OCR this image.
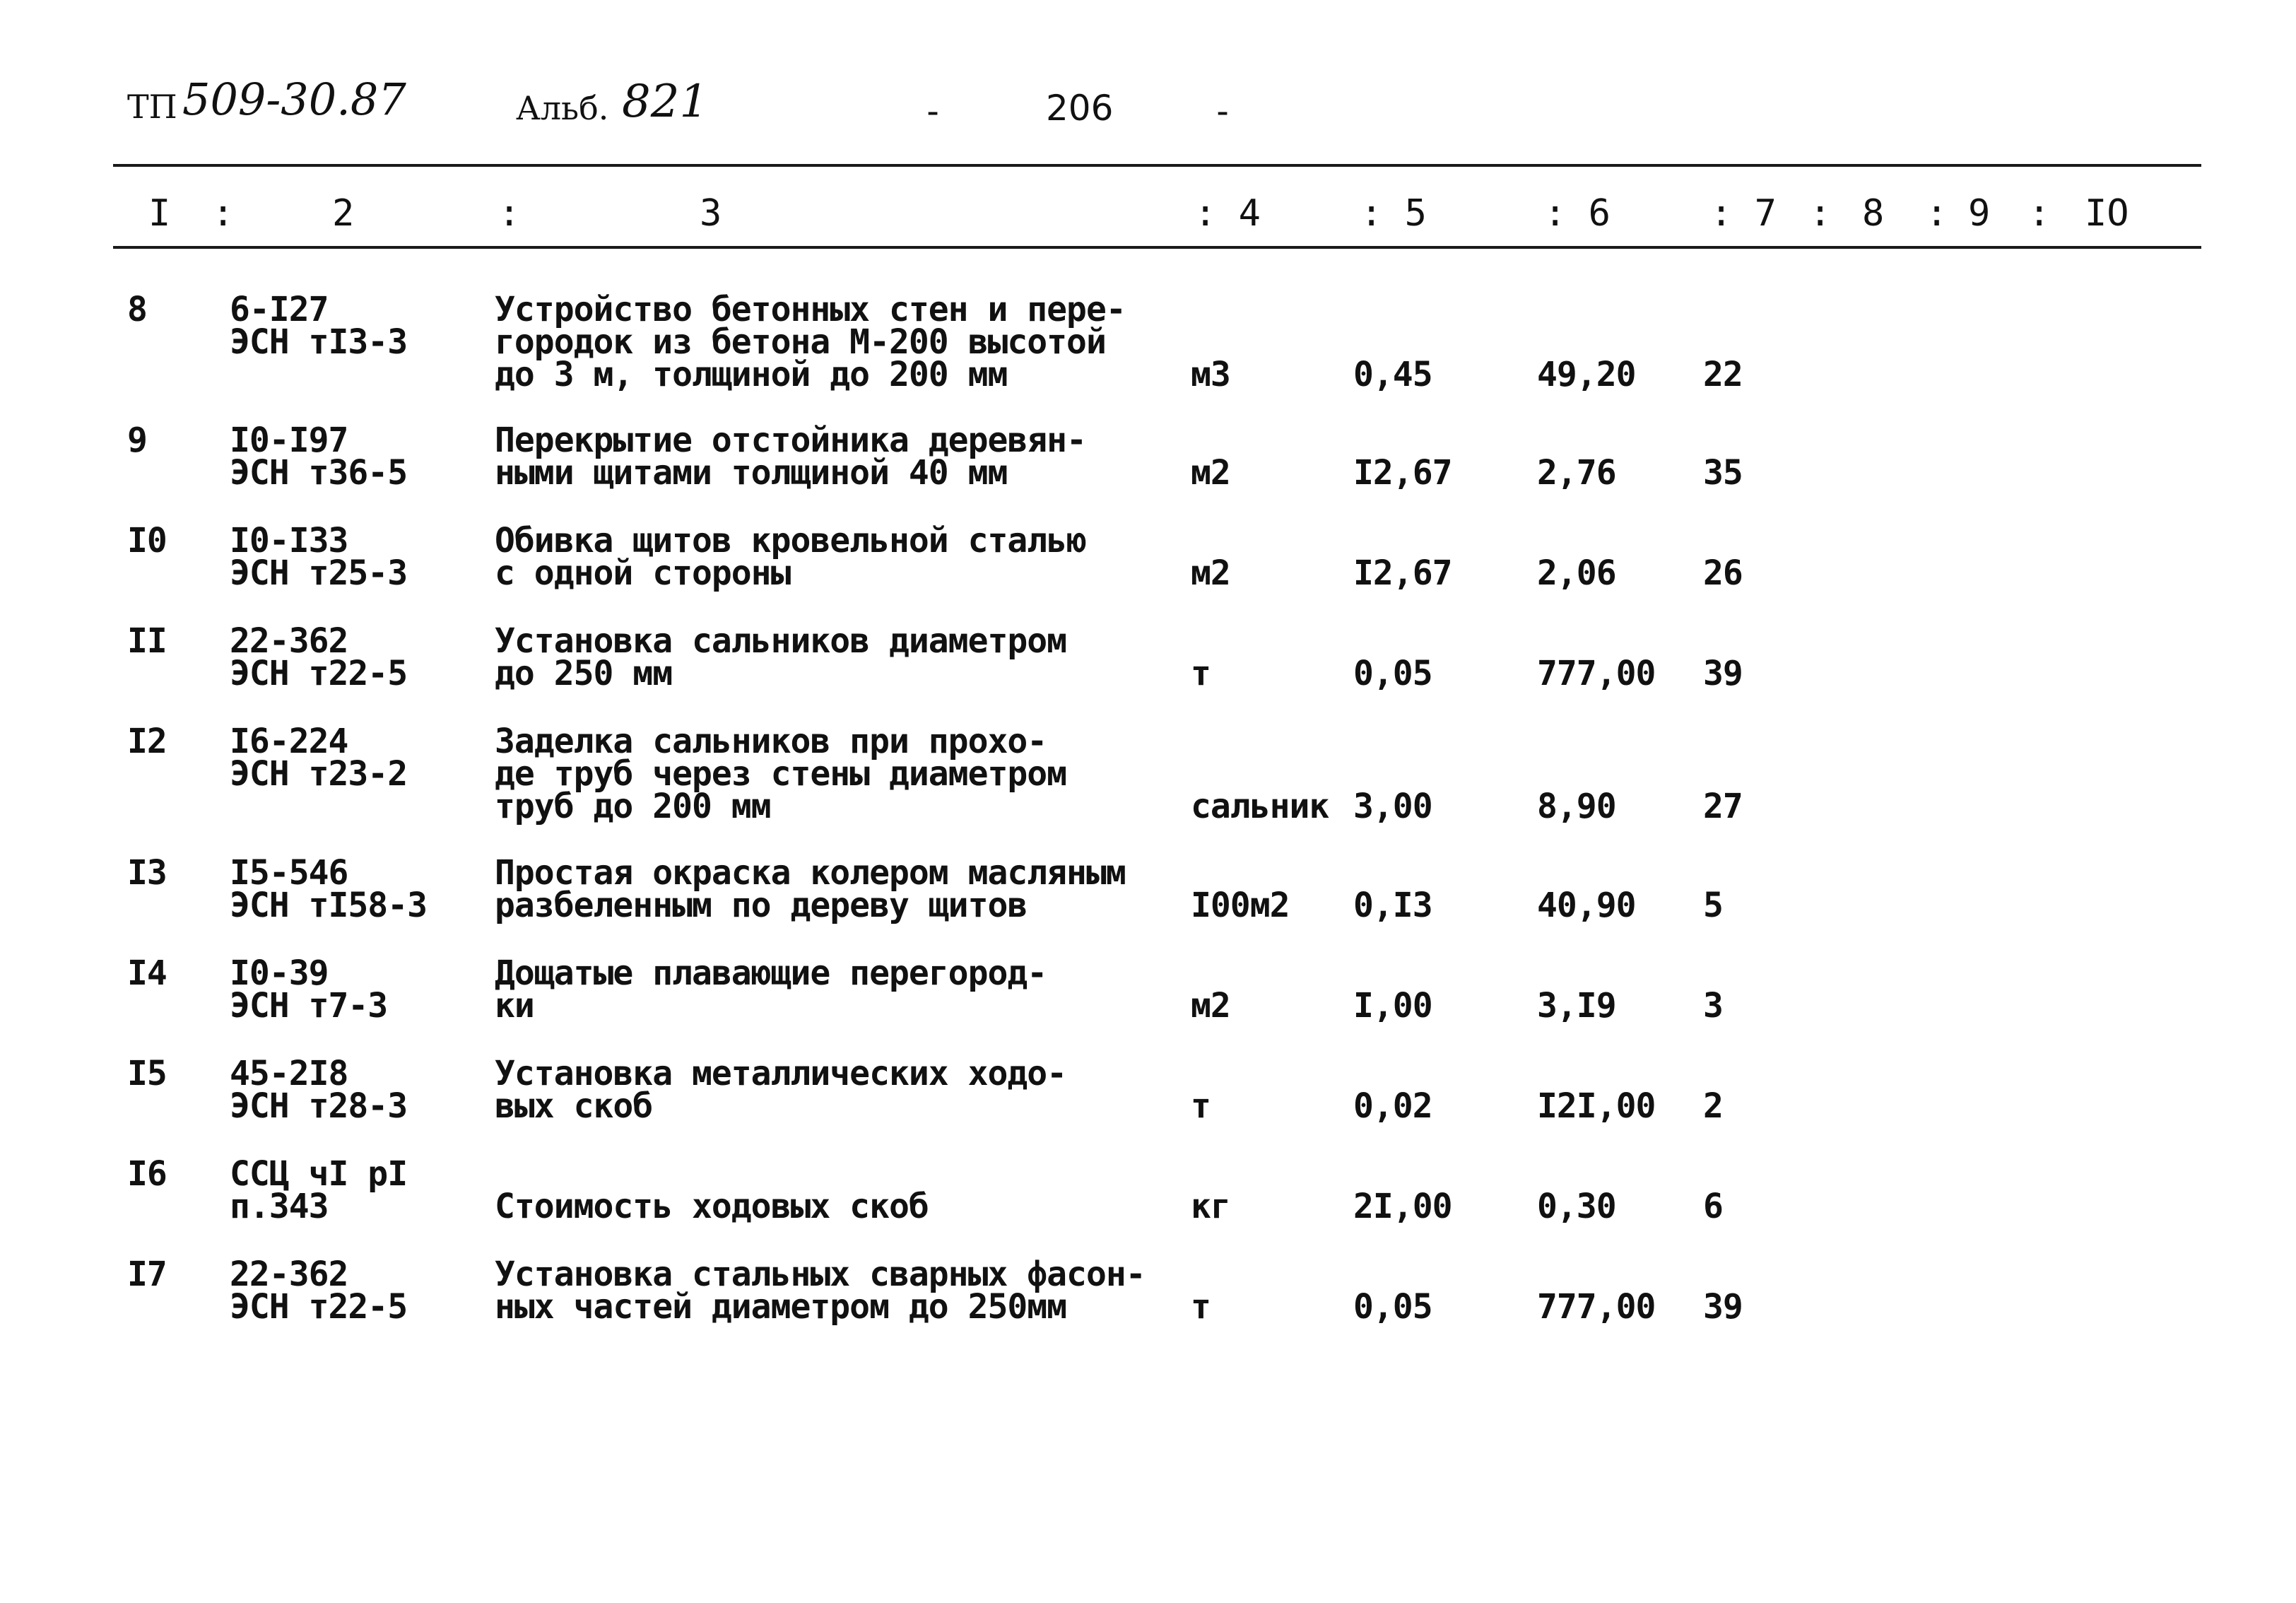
ТП 509-30.87	Альб. 821	-	206	-
I :	2	:	3	: 4	: 5	: 6	: 7 : 8 : 9 : IO
8 6-I27
ЭСН тI3-3
Устройство бетонных стен и пере-
городок из бетона М-200 высотой
до 3 м, толщиной до 200 мм	м3	0,45	49,20 22
9 I0-I97
ЭСН т36-5
Перекрытие отстойника деревян-
ными щитами толщиной 40 мм	м2	I2,67	2,76	35
I0 I0-I33
ЭСН т25-3
Обивка щитов кровельной сталью
с одной стороны	м2	I2,67	2,06	26
II 22-362
ЭСН т22-5
Установка сальников диаметром
до 250 мм	т	0,05	777,00 39
I2 I6-224
ЭСН т23-2
Заделка сальников при прохо-
де труб через стены диаметром
труб до 200 мм	сальник 3,00	8,90	27
I3 I5-546
ЭСН тI58-3
Простая окраска колером масляным
разбеленным по дереву щитов	I00м2 0,I3	40,90 5
I4 I0-39
ЭСН т7-3
Дощатые плавающие перегород-
ки	м2	I,00	3,I9	3
I5 45-2I8
ЭСН т28-3
Установка металлических ходо-
вых скоб	т	0,02	I2I,00 2
I6 ССЦ чI рI
п.343	Стоимость ходовых скоб	кг	2I,00	0,30	6
I7 22-362
ЭСН т22-5
Установка стальных сварных фасон-
ных частей диаметром до 250мм	т	0,05	777,00 39
